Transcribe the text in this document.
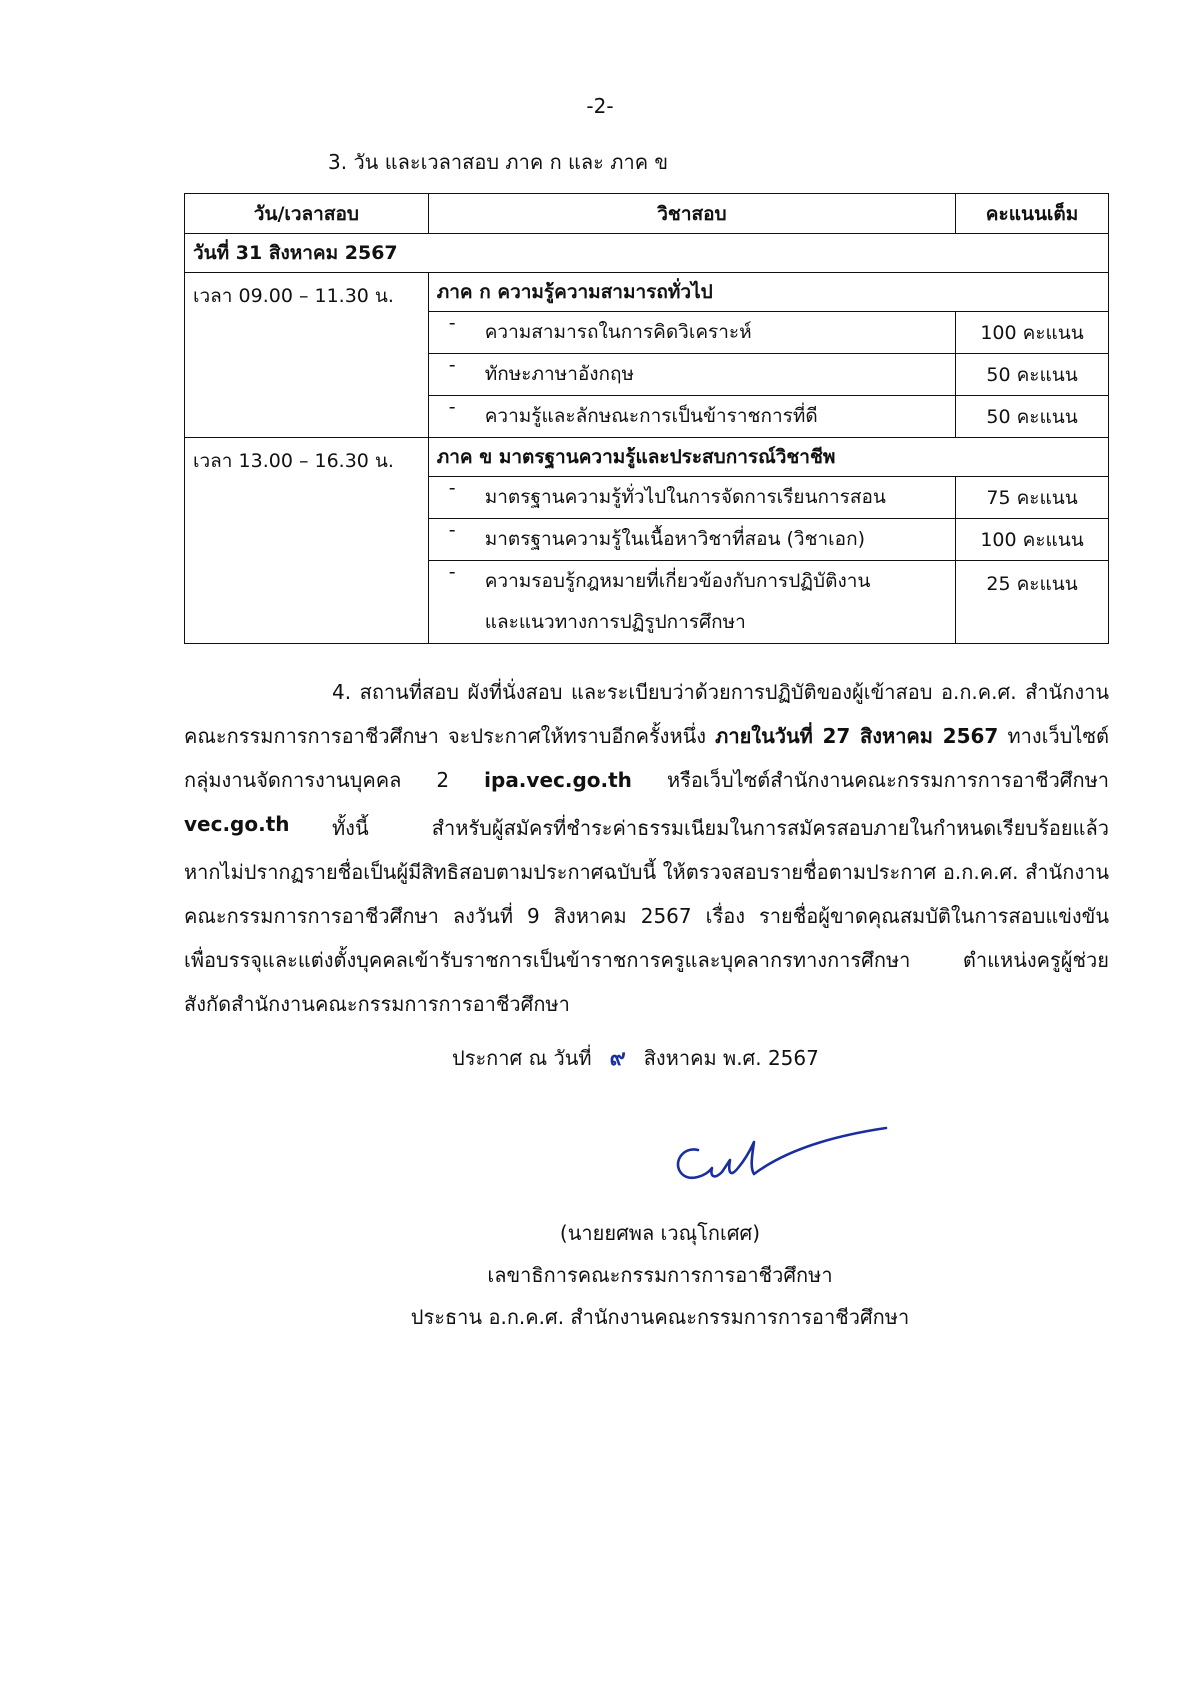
-2-
3. วัน และเวลาสอบ ภาค ก และ ภาค ข
วัน/เวลาสอบ	วิชาสอบ	คะแนนเต็ม
วันที่ 31 สิงหาคม 2567		
เวลา 09.00 – 11.30 น.	ภาค ก ความรู้ความสามารถทั่วไป	

	- ความสามารถในการคิดวิเคราะห์	100 คะแนน

	- ทักษะภาษาอังกฤษ	50 คะแนน

	- ความรู้และลักษณะการเป็นข้าราชการที่ดี	50 คะแนน
เวลา 13.00 – 16.30 น.	ภาค ข มาตรฐานความรู้และประสบการณ์วิชาชีพ	

	- มาตรฐานความรู้ทั่วไปในการจัดการเรียนการสอน	75 คะแนน

	- มาตรฐานความรู้ในเนื้อหาวิชาที่สอน (วิชาเอก)	100 คะแนน

	- ความรอบรู้กฎหมายที่เกี่ยวข้องกับการปฏิบัติงาน
และแนวทางการปฏิรูปการศึกษา	25 คะแนน
4. สถานที่สอบ ผังที่นั่งสอบ และระเบียบว่าด้วยการปฏิบัติของผู้เข้าสอบ อ.ก.ค.ศ. สำนักงาน
คณะกรรมการการอาชีวศึกษา จะประกาศให้ทราบอีกครั้งหนึ่ง ภายในวันที่ 27 สิงหาคม 2567 ทางเว็บไซต์
กลุ่มงานจัดการงานบุคคล 2 ipa.vec.go.th หรือเว็บไซต์สำนักงานคณะกรรมการการอาชีวศึกษา vec.go.th	ทั้งนี้ สำหรับผู้สมัครที่ชำระค่าธรรมเนียมในการสมัครสอบภายในกำหนดเรียบร้อยแล้ว
หากไม่ปรากฏรายชื่อเป็นผู้มีสิทธิสอบตามประกาศฉบับนี้ ให้ตรวจสอบรายชื่อตามประกาศ อ.ก.ค.ศ. สำนักงาน
คณะกรรมการการอาชีวศึกษา ลงวันที่ 9 สิงหาคม 2567 เรื่อง รายชื่อผู้ขาดคุณสมบัติในการสอบแข่งขัน
เพื่อบรรจุและแต่งตั้งบุคคลเข้ารับราชการเป็นข้าราชการครูและบุคลากรทางการศึกษา ตำแหน่งครูผู้ช่วย
สังกัดสำนักงานคณะกรรมการการอาชีวศึกษา
ประกาศ ณ วันที่ ๙ สิงหาคม พ.ศ. 2567
(นายยศพล เวณุโกเศศ)
เลขาธิการคณะกรรมการการอาชีวศึกษา
ประธาน อ.ก.ค.ศ. สำนักงานคณะกรรมการการอาชีวศึกษา
